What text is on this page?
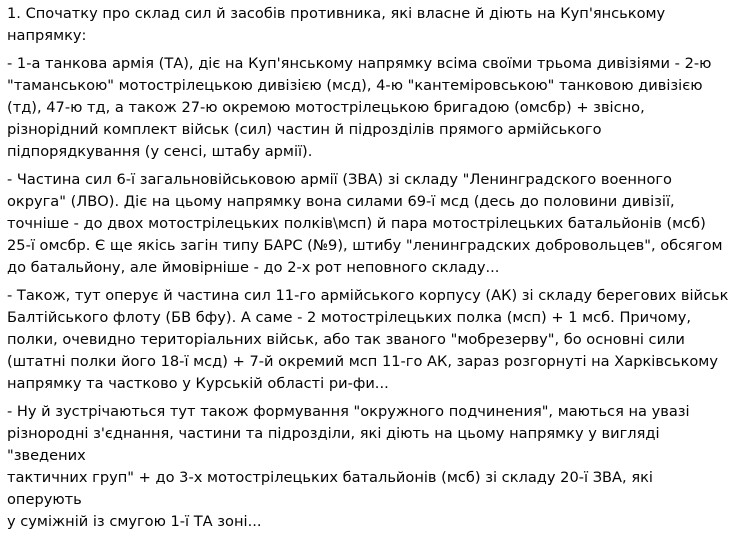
1. Спочатку про склад сил й засобів противника, які власне й діють на Куп'янському
напрямку:

- 1-а танкова армія (ТА), діє на Куп'янському напрямку всіма своїми трьома дивізіями - 2-ю
"таманською" мотострілецькою дивізією (мсд), 4-ю "кантеміровською" танковою дивізією
(тд), 47-ю тд, а також 27-ю окремою мотострілецькою бригадою (омсбр) + звісно,
різнорідний комплект військ (сил) частин й підрозділів прямого армійського
підпорядкування (у сенсі, штабу армії).

- Частина сил 6-ї загальновійськовою армії (ЗВА) зі складу "Ленинградского военного
округа" (ЛВО). Діє на цьому напрямку вона силами 69-ї мсд (десь до половини дивізії,
точніше - до двох мотострілецьких полків\мсп) й пара мотострілецьких батальйонів (мсб)
25-ї омсбр. Є ще якісь загін типу БАРС (№9), штибу "ленинградских добровольцев", обсягом
до батальйону, але ймовірніше - до 2-х рот неповного складу...

- Також, тут оперує й частина сил 11-го армійського корпусу (АК) зі складу берегових військ
Балтійського флоту (БВ бфу). А саме - 2 мотострілецьких полка (мсп) + 1 мсб. Причому,
полки, очевидно територіальних військ, або так званого "мобрезерву", бо основні сили
(штатні полки його 18-ї мсд) + 7-й окремий мсп 11-го АК, зараз розгорнуті на Харківському
напрямку та частково у Курській області ри-фи...

- Ну й зустрічаються тут також формування "окружного подчинения", маються на увазі
різнородні з'єднання, частини та підрозділи, які діють на цьому напрямку у вигляді "зведених
тактичних груп" + до 3-х мотострілецьких батальйонів (мсб) зі складу 20-ї ЗВА, які оперують
у суміжній із смугою 1-ї ТА зоні...
